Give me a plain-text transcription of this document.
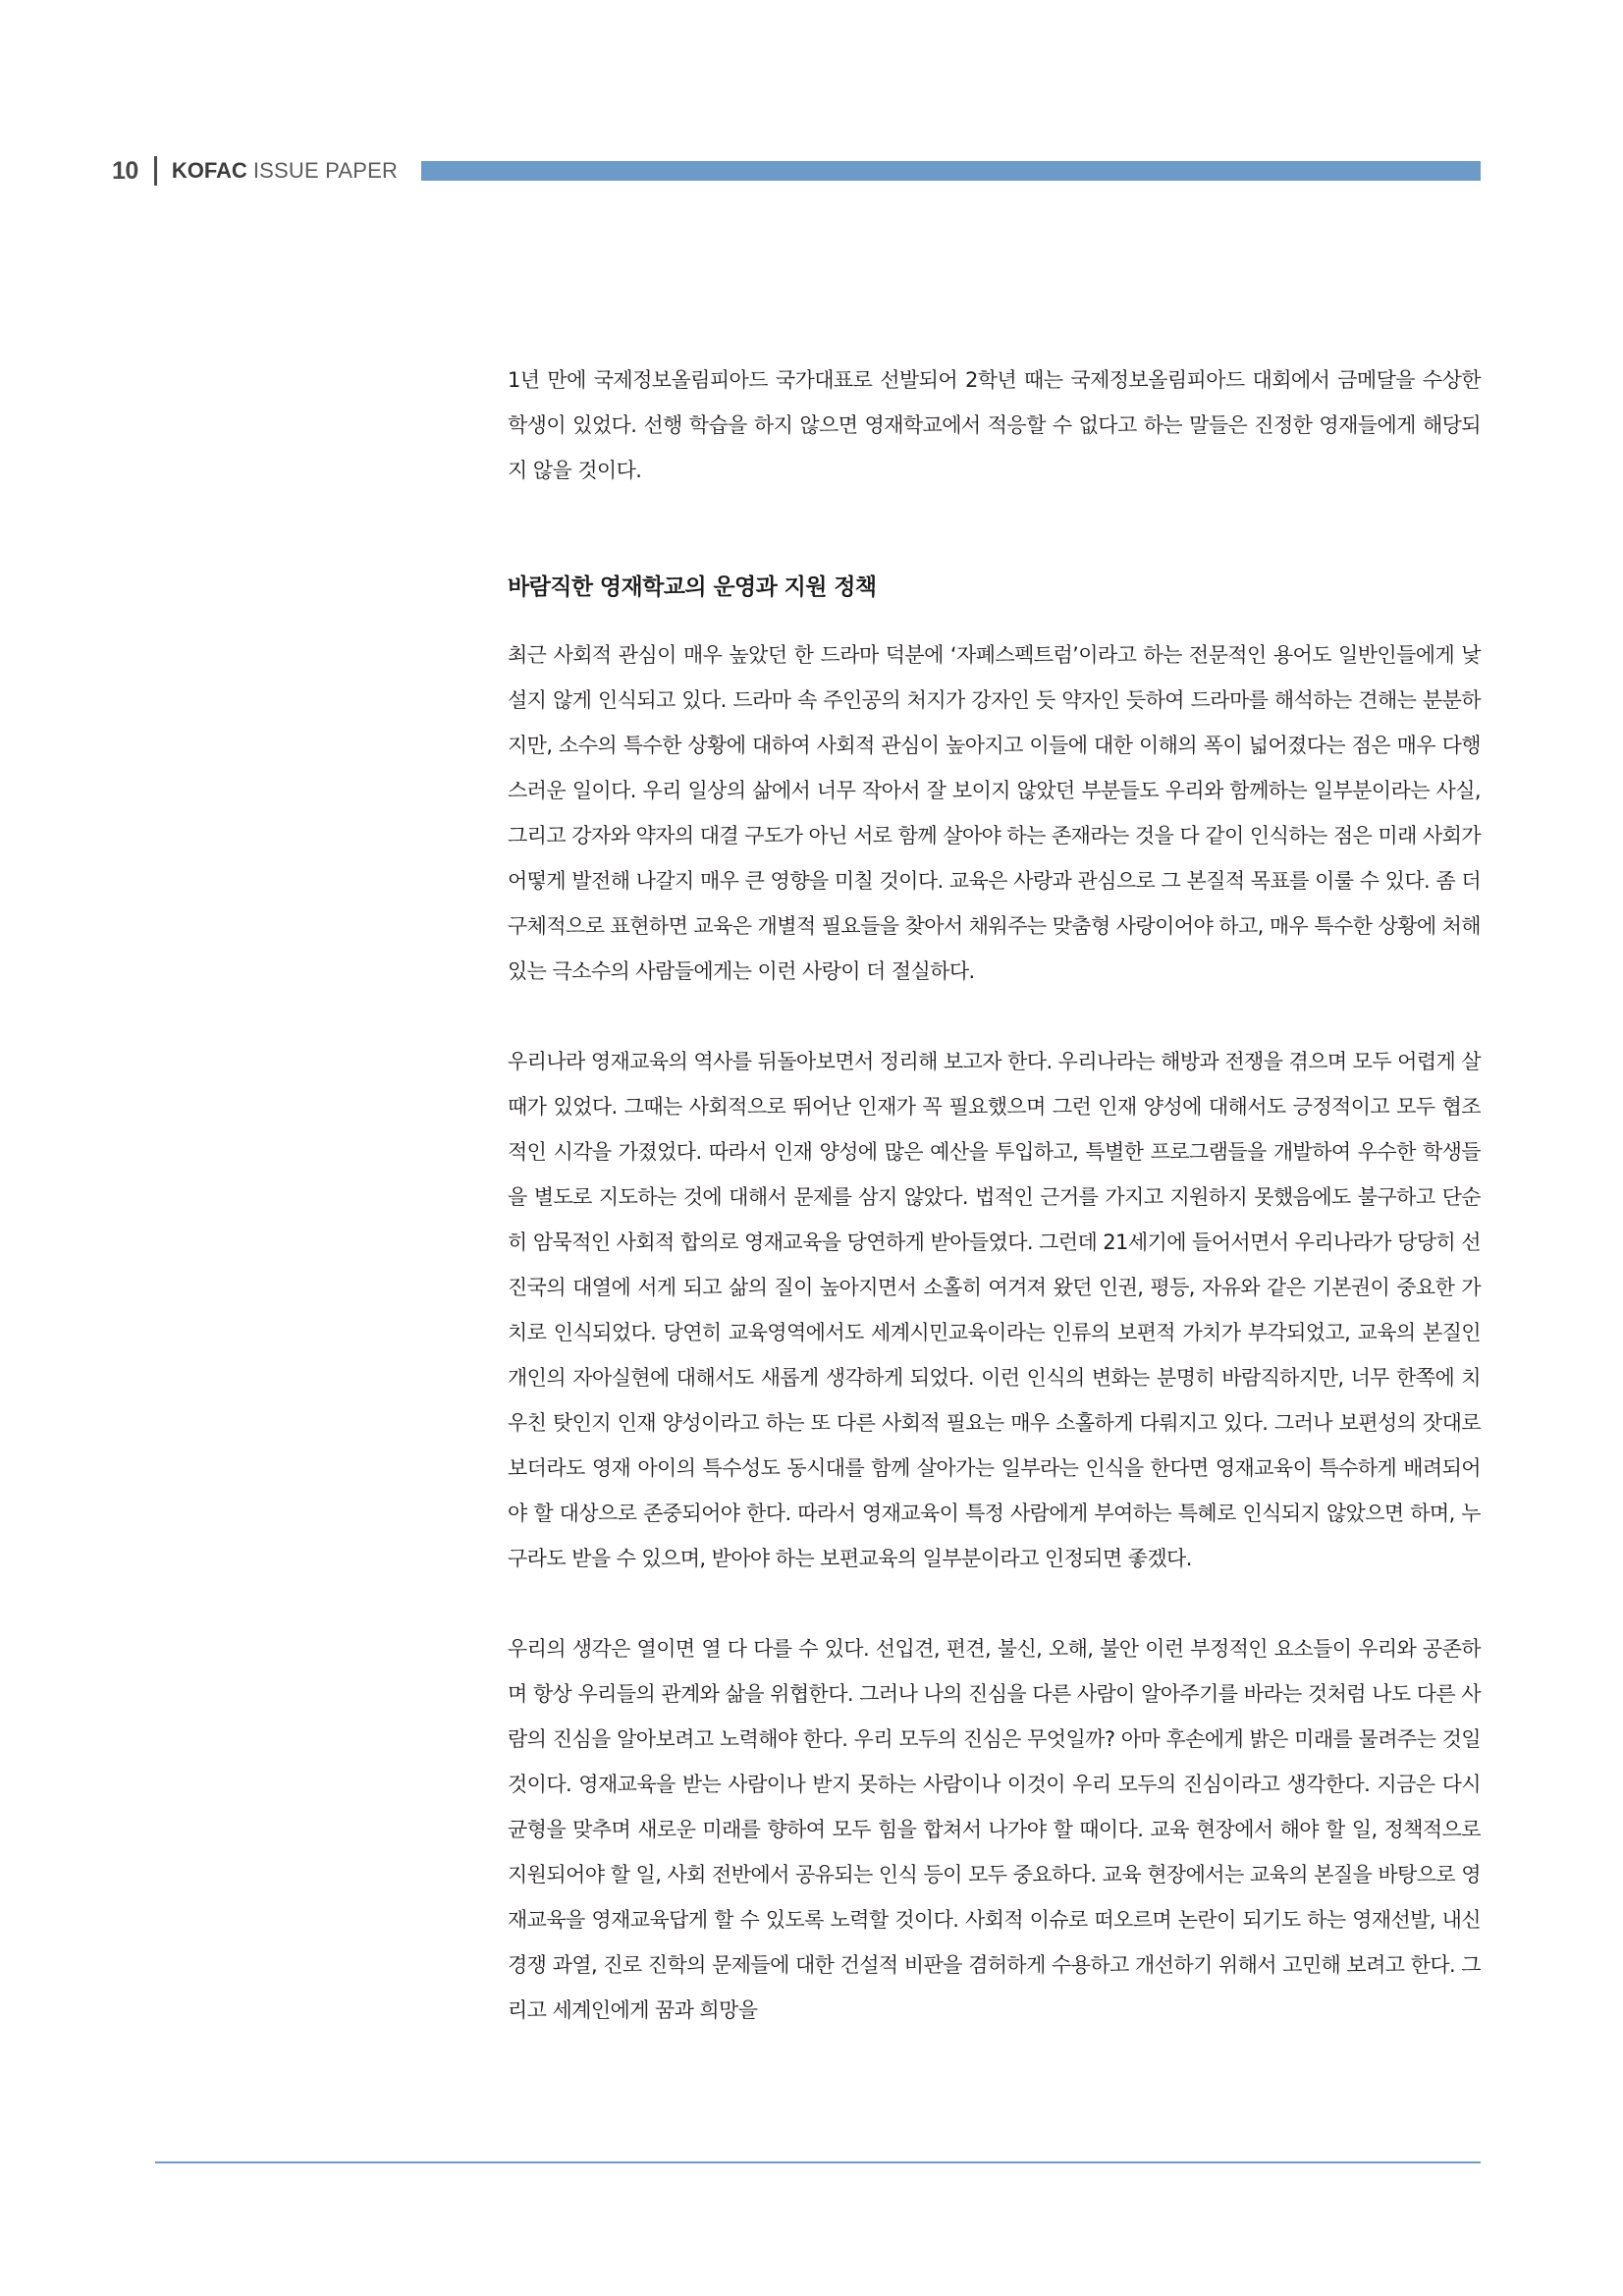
10 KOFAC ISSUE PAPER

1년 만에 국제정보올림피아드 국가대표로 선발되어 2학년 때는 국제정보올림피아드 대회에서 금메달을 수상한 학생이 있었다. 선행 학습을 하지 않으면 영재학교에서 적응할 수 없다고 하는 말들은 진정한 영재들에게 해당되지 않을 것이다.

바람직한 영재학교의 운영과 지원 정책

최근 사회적 관심이 매우 높았던 한 드라마 덕분에 ‘자폐스펙트럼’이라고 하는 전문적인 용어도 일반인들에게 낯설지 않게 인식되고 있다. 드라마 속 주인공의 처지가 강자인 듯 약자인 듯하여 드라마를 해석하는 견해는 분분하지만, 소수의 특수한 상황에 대하여 사회적 관심이 높아지고 이들에 대한 이해의 폭이 넓어졌다는 점은 매우 다행스러운 일이다. 우리 일상의 삶에서 너무 작아서 잘 보이지 않았던 부분들도 우리와 함께하는 일부분이라는 사실, 그리고 강자와 약자의 대결 구도가 아닌 서로 함께 살아야 하는 존재라는 것을 다 같이 인식하는 점은 미래 사회가 어떻게 발전해 나갈지 매우 큰 영향을 미칠 것이다. 교육은 사랑과 관심으로 그 본질적 목표를 이룰 수 있다. 좀 더 구체적으로 표현하면 교육은 개별적 필요들을 찾아서 채워주는 맞춤형 사랑이어야 하고, 매우 특수한 상황에 처해 있는 극소수의 사람들에게는 이런 사랑이 더 절실하다.

우리나라 영재교육의 역사를 뒤돌아보면서 정리해 보고자 한다. 우리나라는 해방과 전쟁을 겪으며 모두 어렵게 살 때가 있었다. 그때는 사회적으로 뛰어난 인재가 꼭 필요했으며 그런 인재 양성에 대해서도 긍정적이고 모두 협조적인 시각을 가졌었다. 따라서 인재 양성에 많은 예산을 투입하고, 특별한 프로그램들을 개발하여 우수한 학생들을 별도로 지도하는 것에 대해서 문제를 삼지 않았다. 법적인 근거를 가지고 지원하지 못했음에도 불구하고 단순히 암묵적인 사회적 합의로 영재교육을 당연하게 받아들였다. 그런데 21세기에 들어서면서 우리나라가 당당히 선진국의 대열에 서게 되고 삶의 질이 높아지면서 소홀히 여겨져 왔던 인권, 평등, 자유와 같은 기본권이 중요한 가치로 인식되었다. 당연히 교육영역에서도 세계시민교육이라는 인류의 보편적 가치가 부각되었고, 교육의 본질인 개인의 자아실현에 대해서도 새롭게 생각하게 되었다. 이런 인식의 변화는 분명히 바람직하지만, 너무 한쪽에 치우친 탓인지 인재 양성이라고 하는 또 다른 사회적 필요는 매우 소홀하게 다뤄지고 있다. 그러나 보편성의 잣대로 보더라도 영재 아이의 특수성도 동시대를 함께 살아가는 일부라는 인식을 한다면 영재교육이 특수하게 배려되어야 할 대상으로 존중되어야 한다. 따라서 영재교육이 특정 사람에게 부여하는 특혜로 인식되지 않았으면 하며, 누구라도 받을 수 있으며, 받아야 하는 보편교육의 일부분이라고 인정되면 좋겠다.

우리의 생각은 열이면 열 다 다를 수 있다. 선입견, 편견, 불신, 오해, 불안 이런 부정적인 요소들이 우리와 공존하며 항상 우리들의 관계와 삶을 위협한다. 그러나 나의 진심을 다른 사람이 알아주기를 바라는 것처럼 나도 다른 사람의 진심을 알아보려고 노력해야 한다. 우리 모두의 진심은 무엇일까? 아마 후손에게 밝은 미래를 물려주는 것일 것이다. 영재교육을 받는 사람이나 받지 못하는 사람이나 이것이 우리 모두의 진심이라고 생각한다. 지금은 다시 균형을 맞추며 새로운 미래를 향하여 모두 힘을 합쳐서 나가야 할 때이다. 교육 현장에서 해야 할 일, 정책적으로 지원되어야 할 일, 사회 전반에서 공유되는 인식 등이 모두 중요하다. 교육 현장에서는 교육의 본질을 바탕으로 영재교육을 영재교육답게 할 수 있도록 노력할 것이다. 사회적 이슈로 떠오르며 논란이 되기도 하는 영재선발, 내신 경쟁 과열, 진로 진학의 문제들에 대한 건설적 비판을 겸허하게 수용하고 개선하기 위해서 고민해 보려고 한다. 그리고 세계인에게 꿈과 희망을
